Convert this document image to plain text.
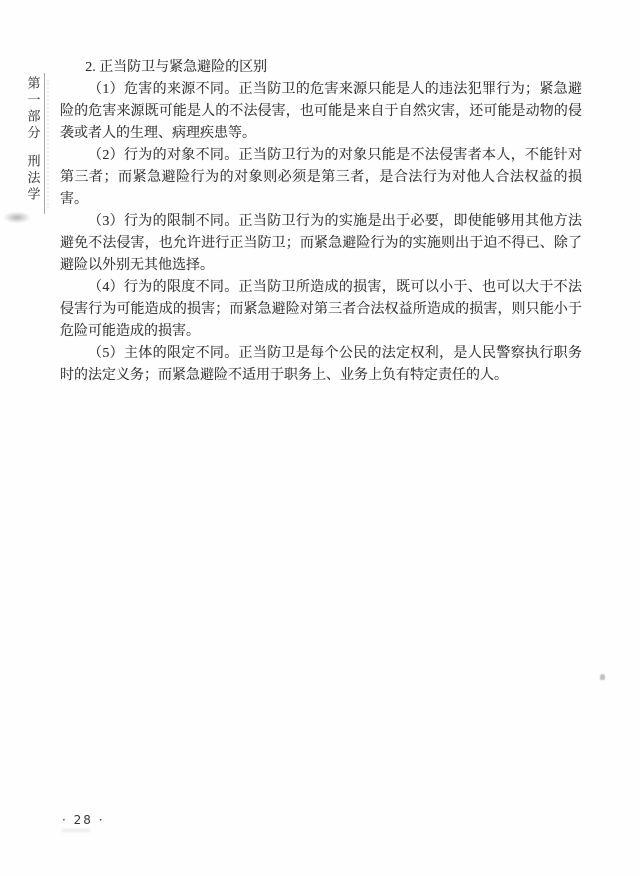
第一部分
刑法学
2. 正当防卫与紧急避险的区别

（1）危害的来源不同。正当防卫的危害来源只能是人的违法犯罪行为；紧急避险的危害来源既可能是人的不法侵害，也可能是来自于自然灾害，还可能是动物的侵袭或者人的生理、病理疾患等。

（2）行为的对象不同。正当防卫行为的对象只能是不法侵害者本人，不能针对第三者；而紧急避险行为的对象则必须是第三者，是合法行为对他人合法权益的损害。

（3）行为的限制不同。正当防卫行为的实施是出于必要，即使能够用其他方法避免不法侵害，也允许进行正当防卫；而紧急避险行为的实施则出于迫不得已、除了避险以外别无其他选择。

（4）行为的限度不同。正当防卫所造成的损害，既可以小于、也可以大于不法侵害行为可能造成的损害；而紧急避险对第三者合法权益所造成的损害，则只能小于危险可能造成的损害。

（5）主体的限定不同。正当防卫是每个公民的法定权利，是人民警察执行职务时的法定义务；而紧急避险不适用于职务上、业务上负有特定责任的人。

· 28 ·
